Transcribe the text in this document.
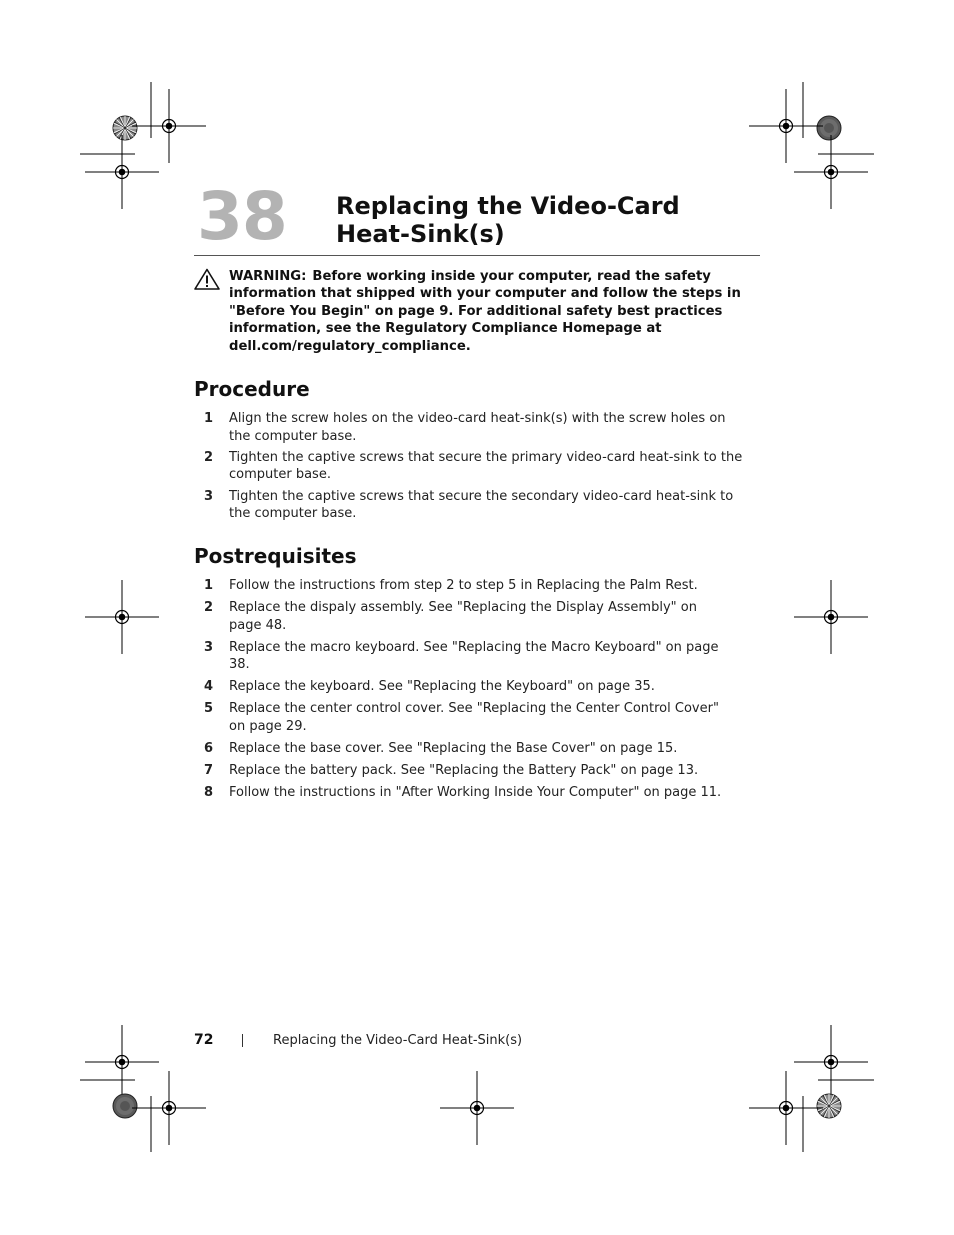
38 Replacing the Video-Card Heat-Sink(s)
WARNING: Before working inside your computer, read the safety information that shipped with your computer and follow the steps in "Before You Begin" on page 9. For additional safety best practices information, see the Regulatory Compliance Homepage at dell.com/regulatory_compliance.
Procedure
1 Align the screw holes on the video-card heat-sink(s) with the screw holes on the computer base.
2 Tighten the captive screws that secure the primary video-card heat-sink to the computer base.
3 Tighten the captive screws that secure the secondary video-card heat-sink to the computer base.
Postrequisites
1 Follow the instructions from step 2 to step 5 in Replacing the Palm Rest.
2 Replace the dispaly assembly. See "Replacing the Display Assembly" on page 48.
3 Replace the macro keyboard. See "Replacing the Macro Keyboard" on page 38.
4 Replace the keyboard. See "Replacing the Keyboard" on page 35.
5 Replace the center control cover. See "Replacing the Center Control Cover" on page 29.
6 Replace the base cover. See "Replacing the Base Cover" on page 15.
7 Replace the battery pack. See "Replacing the Battery Pack" on page 13.
8 Follow the instructions in "After Working Inside Your Computer" on page 11.
72	Replacing the Video-Card Heat-Sink(s)
